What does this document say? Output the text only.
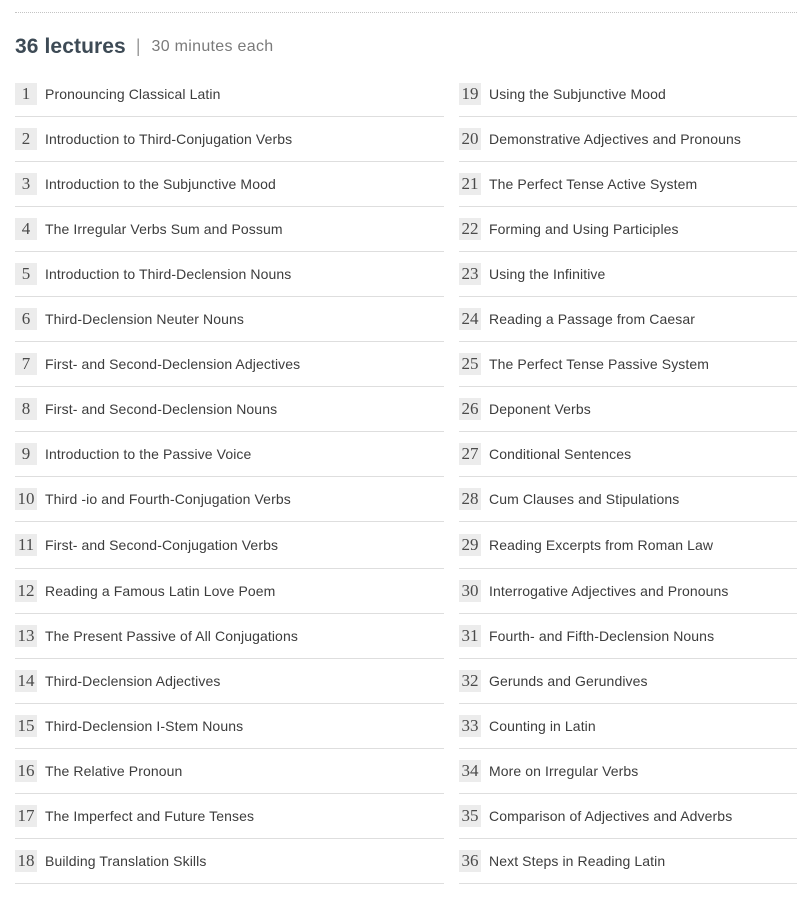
36 lectures | 30 minutes each
1	Pronouncing Classical Latin
2	Introduction to Third-Conjugation Verbs
3	Introduction to the Subjunctive Mood
4	The Irregular Verbs Sum and Possum
5	Introduction to Third-Declension Nouns
6	Third-Declension Neuter Nouns
7	First- and Second-Declension Adjectives
8	First- and Second-Declension Nouns
9	Introduction to the Passive Voice
10 Third -io and Fourth-Conjugation Verbs
11 First- and Second-Conjugation Verbs
12 Reading a Famous Latin Love Poem
13 The Present Passive of All Conjugations
14 Third-Declension Adjectives
15 Third-Declension I-Stem Nouns
16 The Relative Pronoun
17 The Imperfect and Future Tenses
18 Building Translation Skills
19 Using the Subjunctive Mood
20 Demonstrative Adjectives and Pronouns
21 The Perfect Tense Active System
22 Forming and Using Participles
23 Using the Infinitive
24 Reading a Passage from Caesar
25 The Perfect Tense Passive System
26 Deponent Verbs
27 Conditional Sentences
28 Cum Clauses and Stipulations
29 Reading Excerpts from Roman Law
30 Interrogative Adjectives and Pronouns
31 Fourth- and Fifth-Declension Nouns
32 Gerunds and Gerundives
33 Counting in Latin
34 More on Irregular Verbs
35 Comparison of Adjectives and Adverbs
36 Next Steps in Reading Latin
